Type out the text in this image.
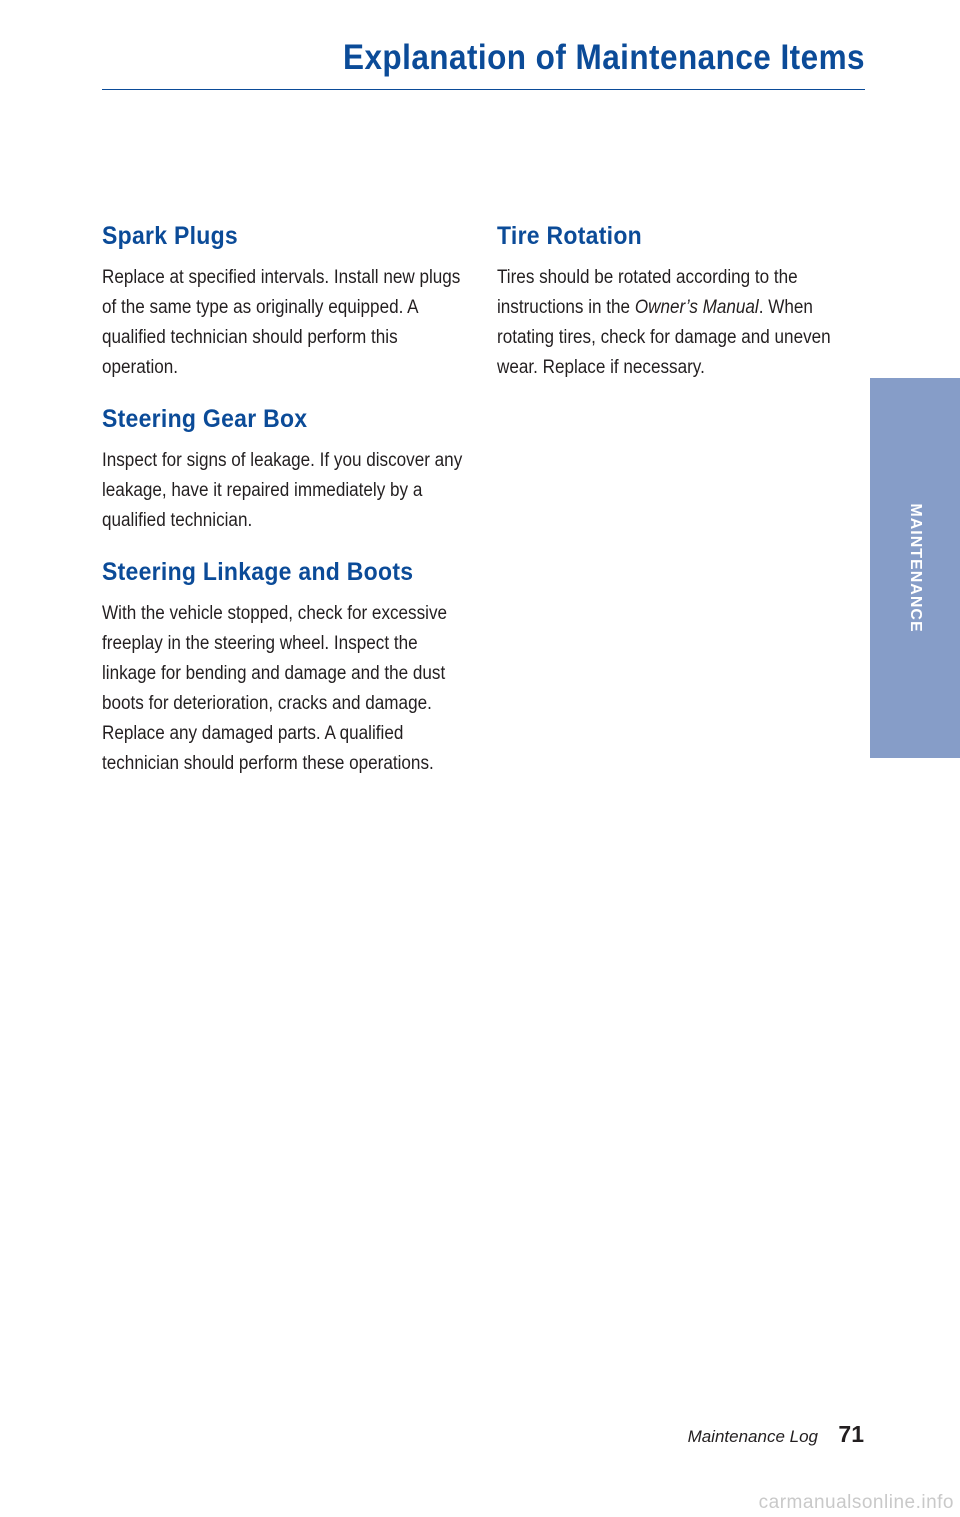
Explanation of Maintenance Items
Spark Plugs

Replace at specified intervals. Install new plugs of the same type as originally equipped. A qualified technician should perform this operation.

Steering Gear Box

Inspect for signs of leakage. If you discover any leakage, have it repaired immediately by a qualified technician.

Steering Linkage and Boots

With the vehicle stopped, check for excessive freeplay in the steering wheel. Inspect the linkage for bending and damage and the dust boots for deterioration, cracks and damage. Replace any damaged parts. A qualified technician should perform these operations.

Tire Rotation

Tires should be rotated according to the instructions in the Owner’s Manual. When rotating tires, check for damage and uneven wear. Replace if necessary.

MAINTENANCE
Maintenance Log 71
carmanualsonline.info
